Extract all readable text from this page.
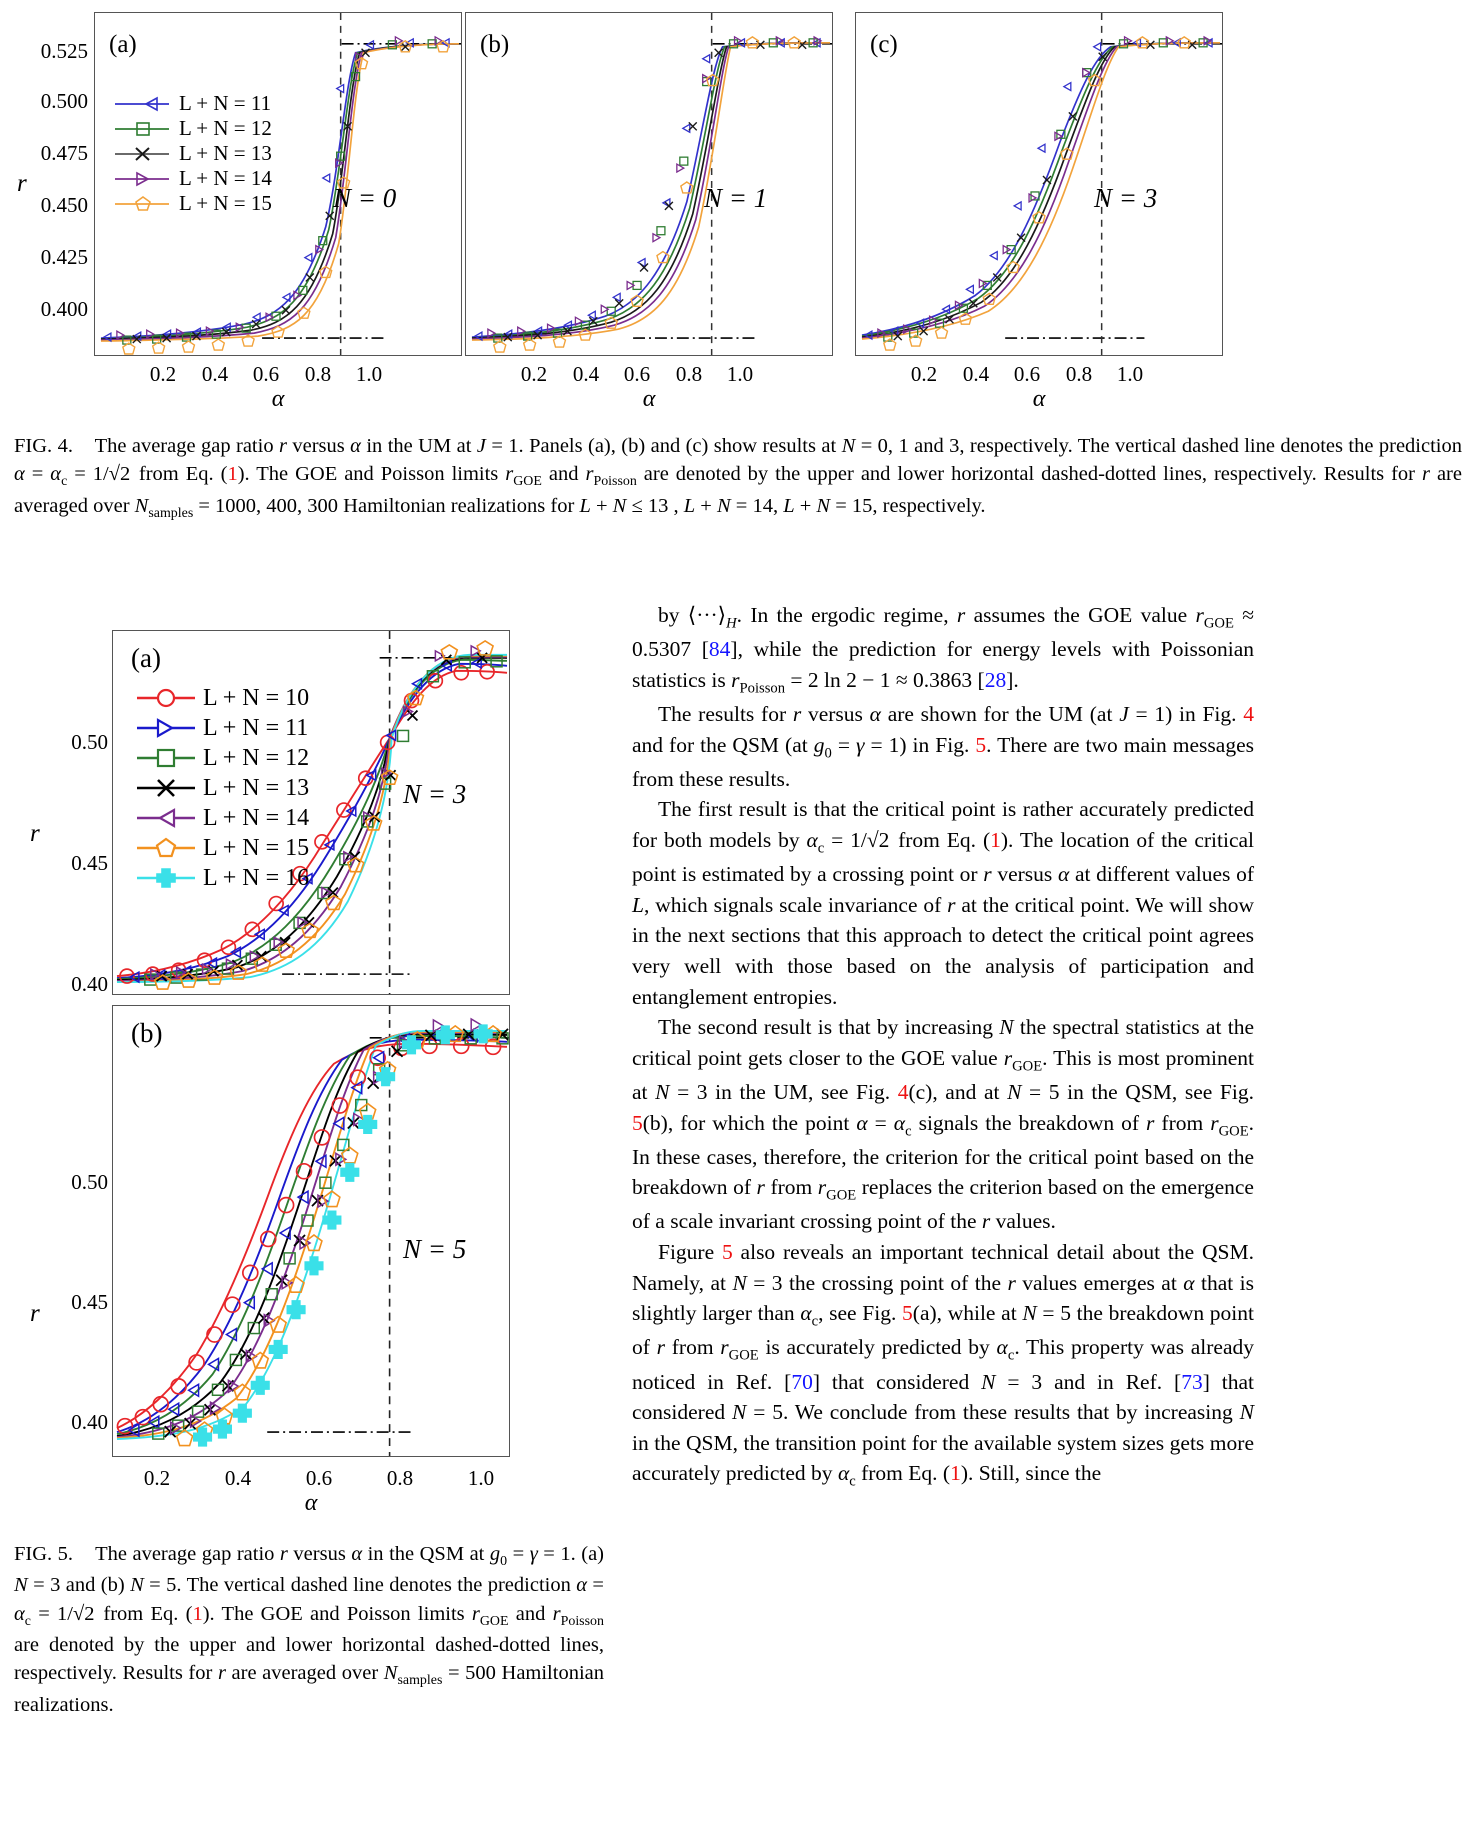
r
0.525
0.500
0.475
0.450
0.425
0.400
(a)
N = 0
L + N = 11
L + N = 12
L + N = 13
L + N = 14
L + N = 15
0.2	0.4	0.6	0.8	1.0
α
(b)
N = 1
0.2	0.4	0.6	0.8	1.0
α
(c)
N = 3
0.2	0.4	0.6	0.8	1.0
α
FIG. 4.    The average gap ratio r versus α in the UM at J = 1. Panels (a), (b) and (c) show results at N = 0, 1 and 3, respectively. The vertical dashed line denotes the prediction $\alpha = \alpha_c = 1/√2$  from Eq. (1). The GOE and Poisson limits $r_{GOE}$ and $r_{Poisson}$ are denoted by the upper and lower horizontal dashed-dotted lines, respectively. Results for r are averaged over $N_{samples} = 1000$, 400, 300 Hamiltonian realizations for L + N ≤ 13 , L + N = 14, L + N = 15, respectively.
r
r
0.50
0.45
0.40
(a)
N = 3
L + N = 10
L + N = 11
L + N = 12
L + N = 13
L + N = 14
L + N = 15
L + N = 16
0.50
0.45
0.40
(b)
N = 5
0.2	0.4	0.6	0.8	1.0
α
FIG. 5.    The average gap ratio r versus α in the QSM at $g_0 = \gamma = 1$. (a) N = 3 and (b) N = 5. The vertical dashed line denotes the prediction $\alpha = \alpha_c = 1/√2$  from Eq. (1). The GOE and Poisson limits $r_{GOE}$ and $r_{Poisson}$ are denoted by the upper and lower horizontal dashed-dotted lines, respectively. Results for r are averaged over $N_{samples} = 500$ Hamiltonian realizations.

by $⟨\cdot\cdot\cdot⟩_H$. In the ergodic regime, r assumes the GOE value $r_{GOE} \approx 0.5307$ [84], while the prediction for energy levels with Poissonian statistics is $r_{Poisson} = 2$ ln 2 − 1 ≈ 0.3863 [28].

The results for r versus α are shown for the UM (at J = 1) in Fig. 4 and for the QSM (at $g_0 = \gamma = 1$) in Fig. 5. There are two main messages from these results.

The first result is that the critical point is rather accurately predicted for both models by $\alpha_c = 1/√2$  from Eq. (1). The location of the critical point is estimated by a crossing point or r versus α at different values of L, which signals scale invariance of r at the critical point. We will show in the next sections that this approach to detect the critical point agrees very well with those based on the analysis of participation and entanglement entropies.

The second result is that by increasing N the spectral statistics at the critical point gets closer to the GOE value $r_{GOE}$. This is most prominent at N = 3 in the UM, see Fig. 4(c), and at N = 5 in the QSM, see Fig. 5(b), for which the point $\alpha = \alpha_c$ signals the breakdown of r from $r_{GOE}$. In these cases, therefore, the criterion for the critical point based on the breakdown of r from $r_{GOE}$ replaces the criterion based on the emergence of a scale invariant crossing point of the r values.

Figure 5 also reveals an important technical detail about the QSM. Namely, at N = 3 the crossing point of the r values emerges at α that is slightly larger than $\alpha_c$, see Fig. 5(a), while at N = 5 the breakdown point of r from $r_{GOE}$ is accurately predicted by $\alpha_c$. This property was already noticed in Ref. [70] that considered N = 3 and in Ref. [73] that considered N = 5. We conclude from these results that by increasing N in the QSM, the transition point for the available system sizes gets more accurately predicted by $\alpha_c$ from Eq. (1). Still, since the
